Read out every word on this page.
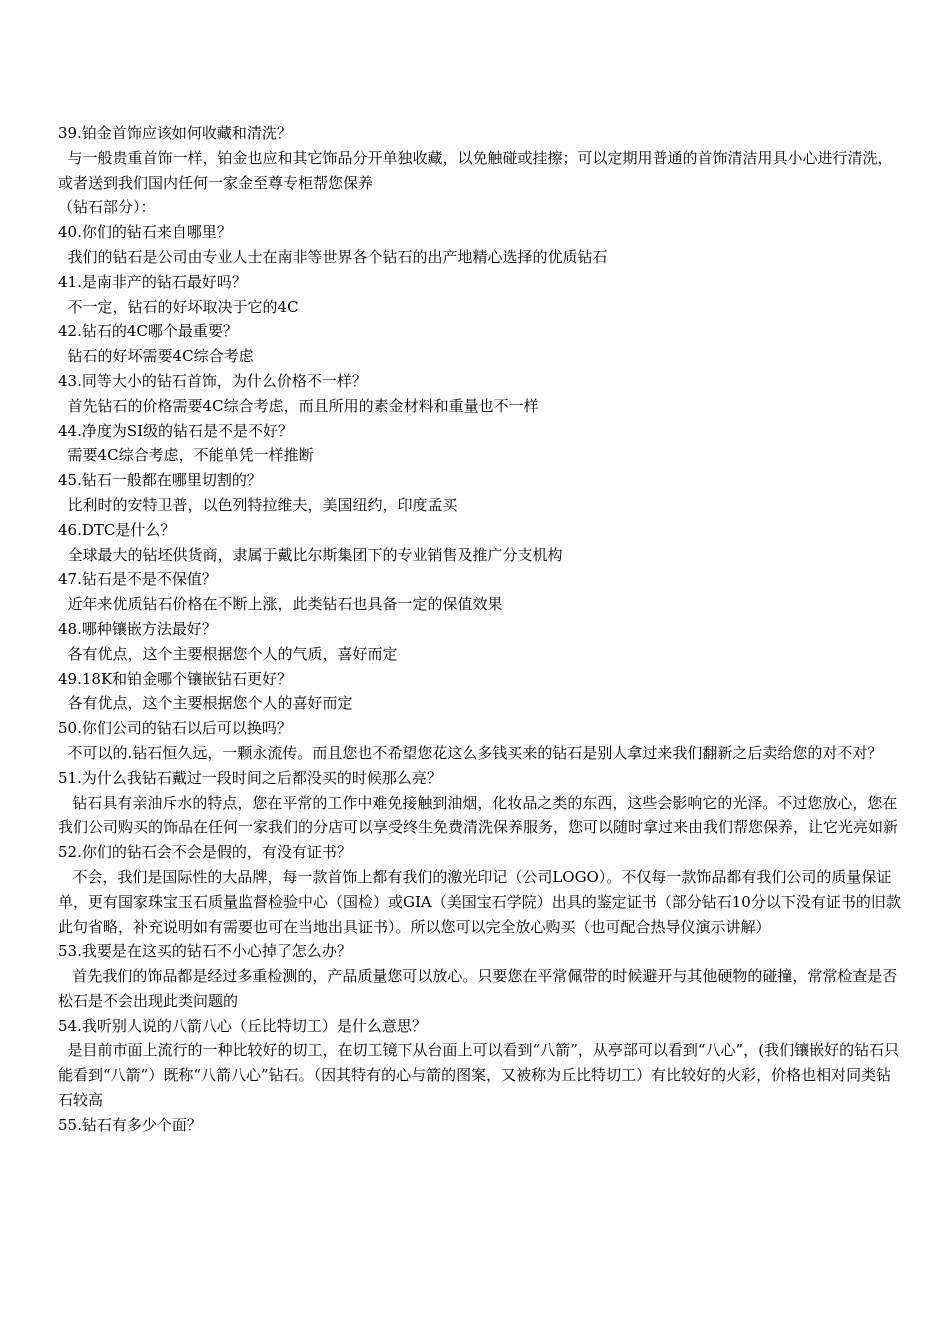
39.铂金首饰应该如何收藏和清洗？

与一般贵重首饰一样，铂金也应和其它饰品分开单独收藏，以免触碰或挂擦；可以定期用普通的首饰清洁用具小心进行清洗，或者送到我们国内任何一家金至尊专柜帮您保养

（钻石部分）：

40.你们的钻石来自哪里？

我们的钻石是公司由专业人士在南非等世界各个钻石的出产地精心选择的优质钻石

41.是南非产的钻石最好吗？

不一定，钻石的好坏取决于它的4C

42.钻石的4C哪个最重要？

钻石的好坏需要4C综合考虑

43.同等大小的钻石首饰，为什么价格不一样？

首先钻石的价格需要4C综合考虑，而且所用的素金材料和重量也不一样

44.净度为SI级的钻石是不是不好？

需要4C综合考虑，不能单凭一样推断

45.钻石一般都在哪里切割的？

比利时的安特卫普，以色列特拉维夫，美国纽约，印度孟买

46.DTC是什么？

全球最大的钻坯供货商，隶属于戴比尔斯集团下的专业销售及推广分支机构

47.钻石是不是不保值？

近年来优质钻石价格在不断上涨，此类钻石也具备一定的保值效果

48.哪种镶嵌方法最好？

各有优点，这个主要根据您个人的气质，喜好而定

49.18K和铂金哪个镶嵌钻石更好？

各有优点，这个主要根据您个人的喜好而定

50.你们公司的钻石以后可以换吗？

不可以的.钻石恒久远，一颗永流传。而且您也不希望您花这么多钱买来的钻石是别人拿过来我们翻新之后卖给您的对不对？

51.为什么我钻石戴过一段时间之后都没买的时候那么亮？

钻石具有亲油斥水的特点，您在平常的工作中难免接触到油烟，化妆品之类的东西，这些会影响它的光泽。不过您放心，您在我们公司购买的饰品在任何一家我们的分店可以享受终生免费清洗保养服务，您可以随时拿过来由我们帮您保养，让它光亮如新

52.你们的钻石会不会是假的，有没有证书？

不会，我们是国际性的大品牌，每一款首饰上都有我们的激光印记（公司LOGO）。不仅每一款饰品都有我们公司的质量保证单，更有国家珠宝玉石质量监督检验中心（国检）或GIA（美国宝石学院）出具的鉴定证书（部分钻石10分以下没有证书的旧款此句省略，补充说明如有需要也可在当地出具证书）。所以您可以完全放心购买（也可配合热导仪演示讲解）

53.我要是在这买的钻石不小心掉了怎么办？

首先我们的饰品都是经过多重检测的，产品质量您可以放心。只要您在平常佩带的时候避开与其他硬物的碰撞，常常检查是否松石是不会出现此类问题的

54.我听别人说的八箭八心（丘比特切工）是什么意思？

是目前市面上流行的一种比较好的切工，在切工镜下从台面上可以看到“八箭”，从亭部可以看到“八心”，(我们镶嵌好的钻石只能看到“八箭”）既称“八箭八心”钻石。（因其特有的心与箭的图案，又被称为丘比特切工）有比较好的火彩，价格也相对同类钻石较高

55.钻石有多少个面？
